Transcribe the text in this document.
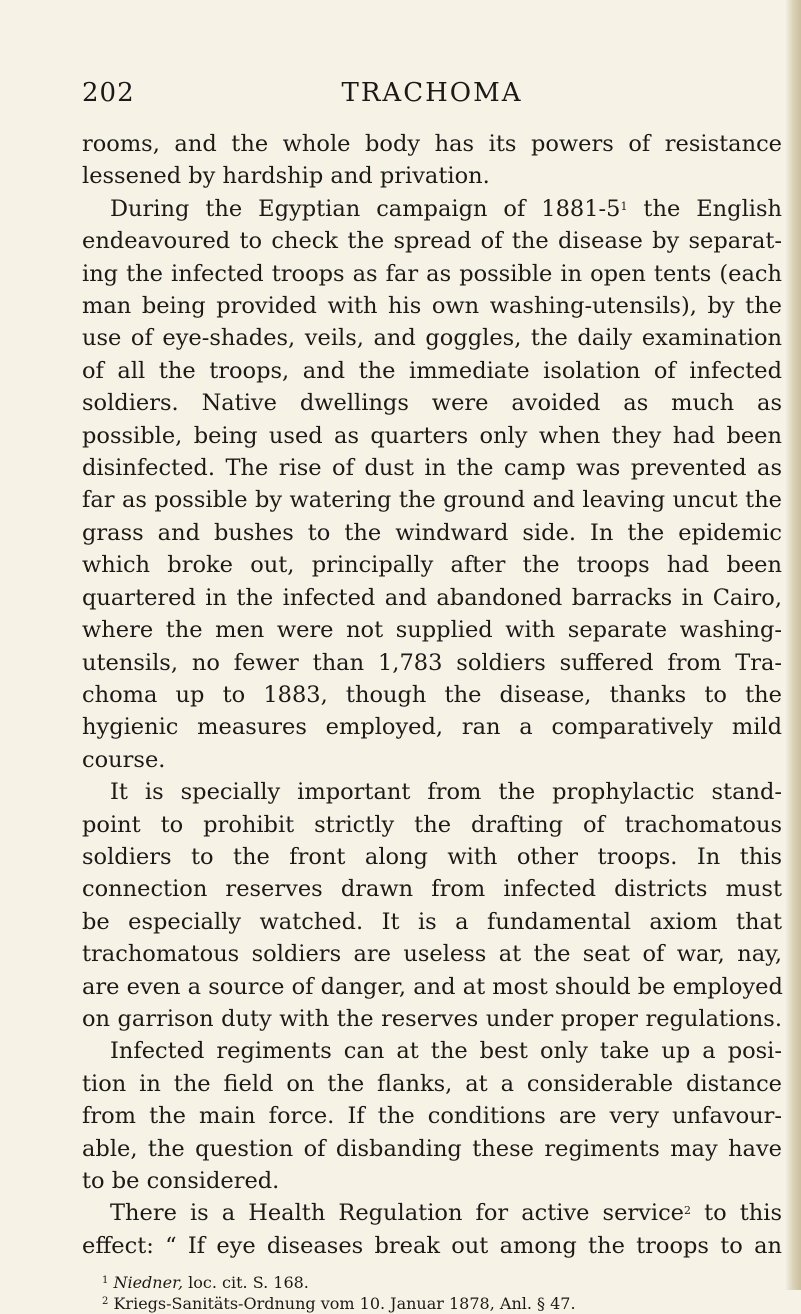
TRACHOMA
202
rooms, and the whole body has its powers of resistance
lessened by hardship and privation.
During the Egyptian campaign of $1881-5^1$ the English
endeavoured to check the spread of the disease by separat-
ing the infected troops as far as possible in open tents (each
man being provided with his own washing-utensils), by the
use of eye-shades, veils, and goggles, the daily examination
of all the troops, and the immediate isolation of infected
soldiers. Native dwellings were avoided as much as
possible, being used as quarters only when they had been
disinfected. The rise of dust in the camp was prevented as
far as possible by watering the ground and leaving uncut the
grass and bushes to the windward side. In the epidemic
which broke out, principally after the troops had been
quartered in the infected and abandoned barracks in Cairo,
where the men were not supplied with separate washing-
utensils, no fewer than 1,783 soldiers suffered from Tra-
choma up to 1883, though the disease, thanks to the
hygienic measures employed, ran a comparatively mild
course.
It is specially important from the prophylactic stand-
point to prohibit strictly the drafting of trachomatous
soldiers to the front along with other troops. In this
connection reserves drawn from infected districts must
be especially watched. It is a fundamental axiom that
trachomatous soldiers are useless at the seat of war, nay,
are even a source of danger, and at most should be employed
on garrison duty with the reserves under proper regulations.
Infected regiments can at the best only take up a posi-
tion in the field on the flanks, at a considerable distance
from the main force. If the conditions are very unfavour-
able, the question of disbanding these regiments may have
to be considered.
There is a Health Regulation for active service$^2$ to this
effect: “ If eye diseases break out among the troops to an
$^1$ Niedner, loc. cit. S. 168.
$^2$ Kriegs-Sanitäts-Ordnung vom 10. Januar 1878, Anl. § 47.
